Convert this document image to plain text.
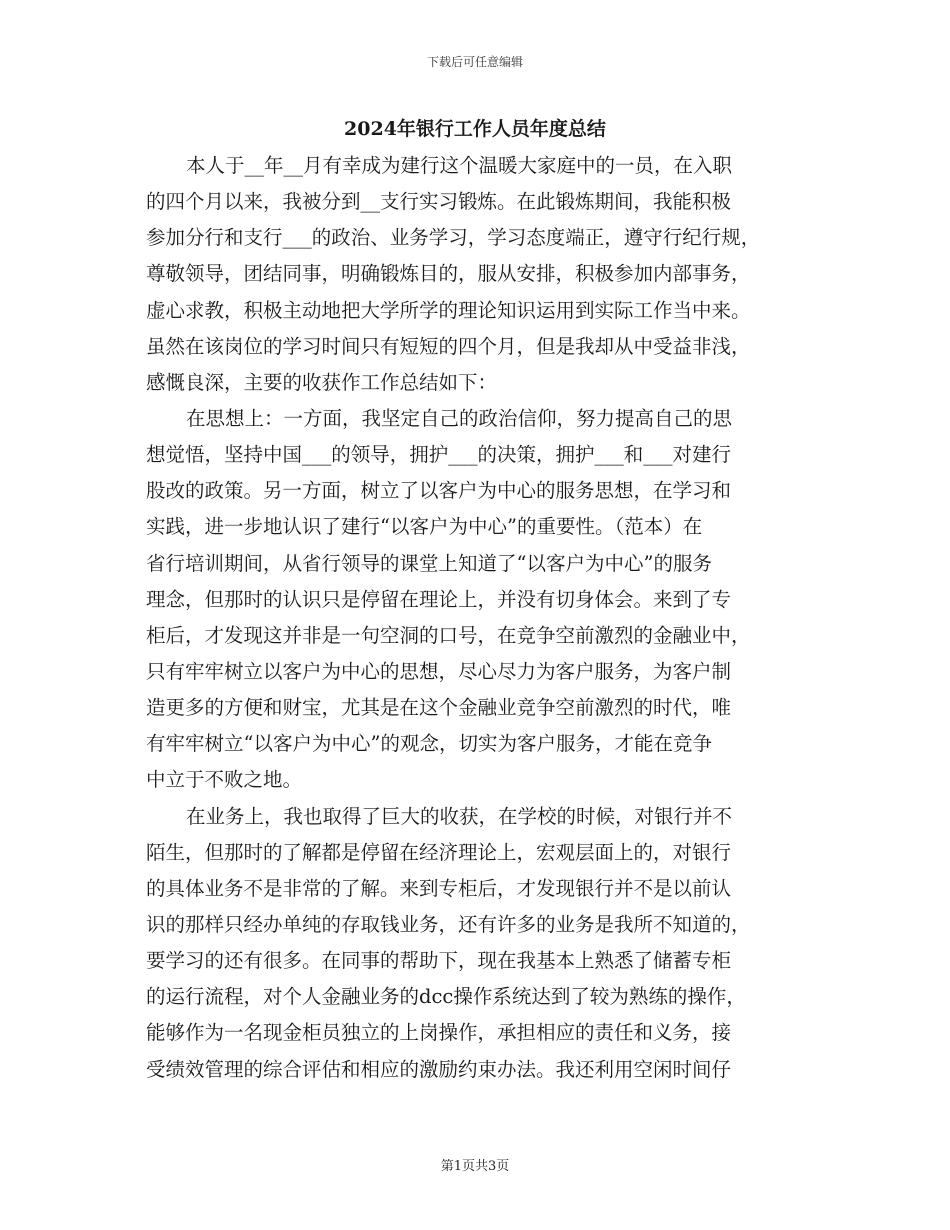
下载后可任意编辑
2024年银行工作人员年度总结
本人于__年__月有幸成为建行这个温暖大家庭中的一员，在入职
的四个月以来，我被分到__支行实习锻炼。在此锻炼期间，我能积极
参加分行和支行___的政治、业务学习，学习态度端正，遵守行纪行规，
尊敬领导，团结同事，明确锻炼目的，服从安排，积极参加内部事务，
虚心求教，积极主动地把大学所学的理论知识运用到实际工作当中来。
虽然在该岗位的学习时间只有短短的四个月，但是我却从中受益非浅，
感慨良深，主要的收获作工作总结如下：
在思想上：一方面，我坚定自己的政治信仰，努力提高自己的思
想觉悟，坚持中国___的领导，拥护___的决策，拥护___和___对建行
股改的政策。另一方面，树立了以客户为中心的服务思想，在学习和
实践，进一步地认识了建行“以客户为中心”的重要性。（范本）在
省行培训期间，从省行领导的课堂上知道了“以客户为中心”的服务
理念，但那时的认识只是停留在理论上，并没有切身体会。来到了专
柜后，才发现这并非是一句空洞的口号，在竞争空前激烈的金融业中，
只有牢牢树立以客户为中心的思想，尽心尽力为客户服务，为客户制
造更多的方便和财宝，尤其是在这个金融业竞争空前激烈的时代，唯
有牢牢树立“以客户为中心”的观念，切实为客户服务，才能在竞争
中立于不败之地。
在业务上，我也取得了巨大的收获，在学校的时候，对银行并不
陌生，但那时的了解都是停留在经济理论上，宏观层面上的，对银行
的具体业务不是非常的了解。来到专柜后，才发现银行并不是以前认
识的那样只经办单纯的存取钱业务，还有许多的业务是我所不知道的，
要学习的还有很多。在同事的帮助下，现在我基本上熟悉了储蓄专柜
的运行流程，对个人金融业务的dcc操作系统达到了较为熟练的操作，
能够作为一名现金柜员独立的上岗操作，承担相应的责任和义务，接
受绩效管理的综合评估和相应的激励约束办法。我还利用空闲时间仔
第1页共3页
